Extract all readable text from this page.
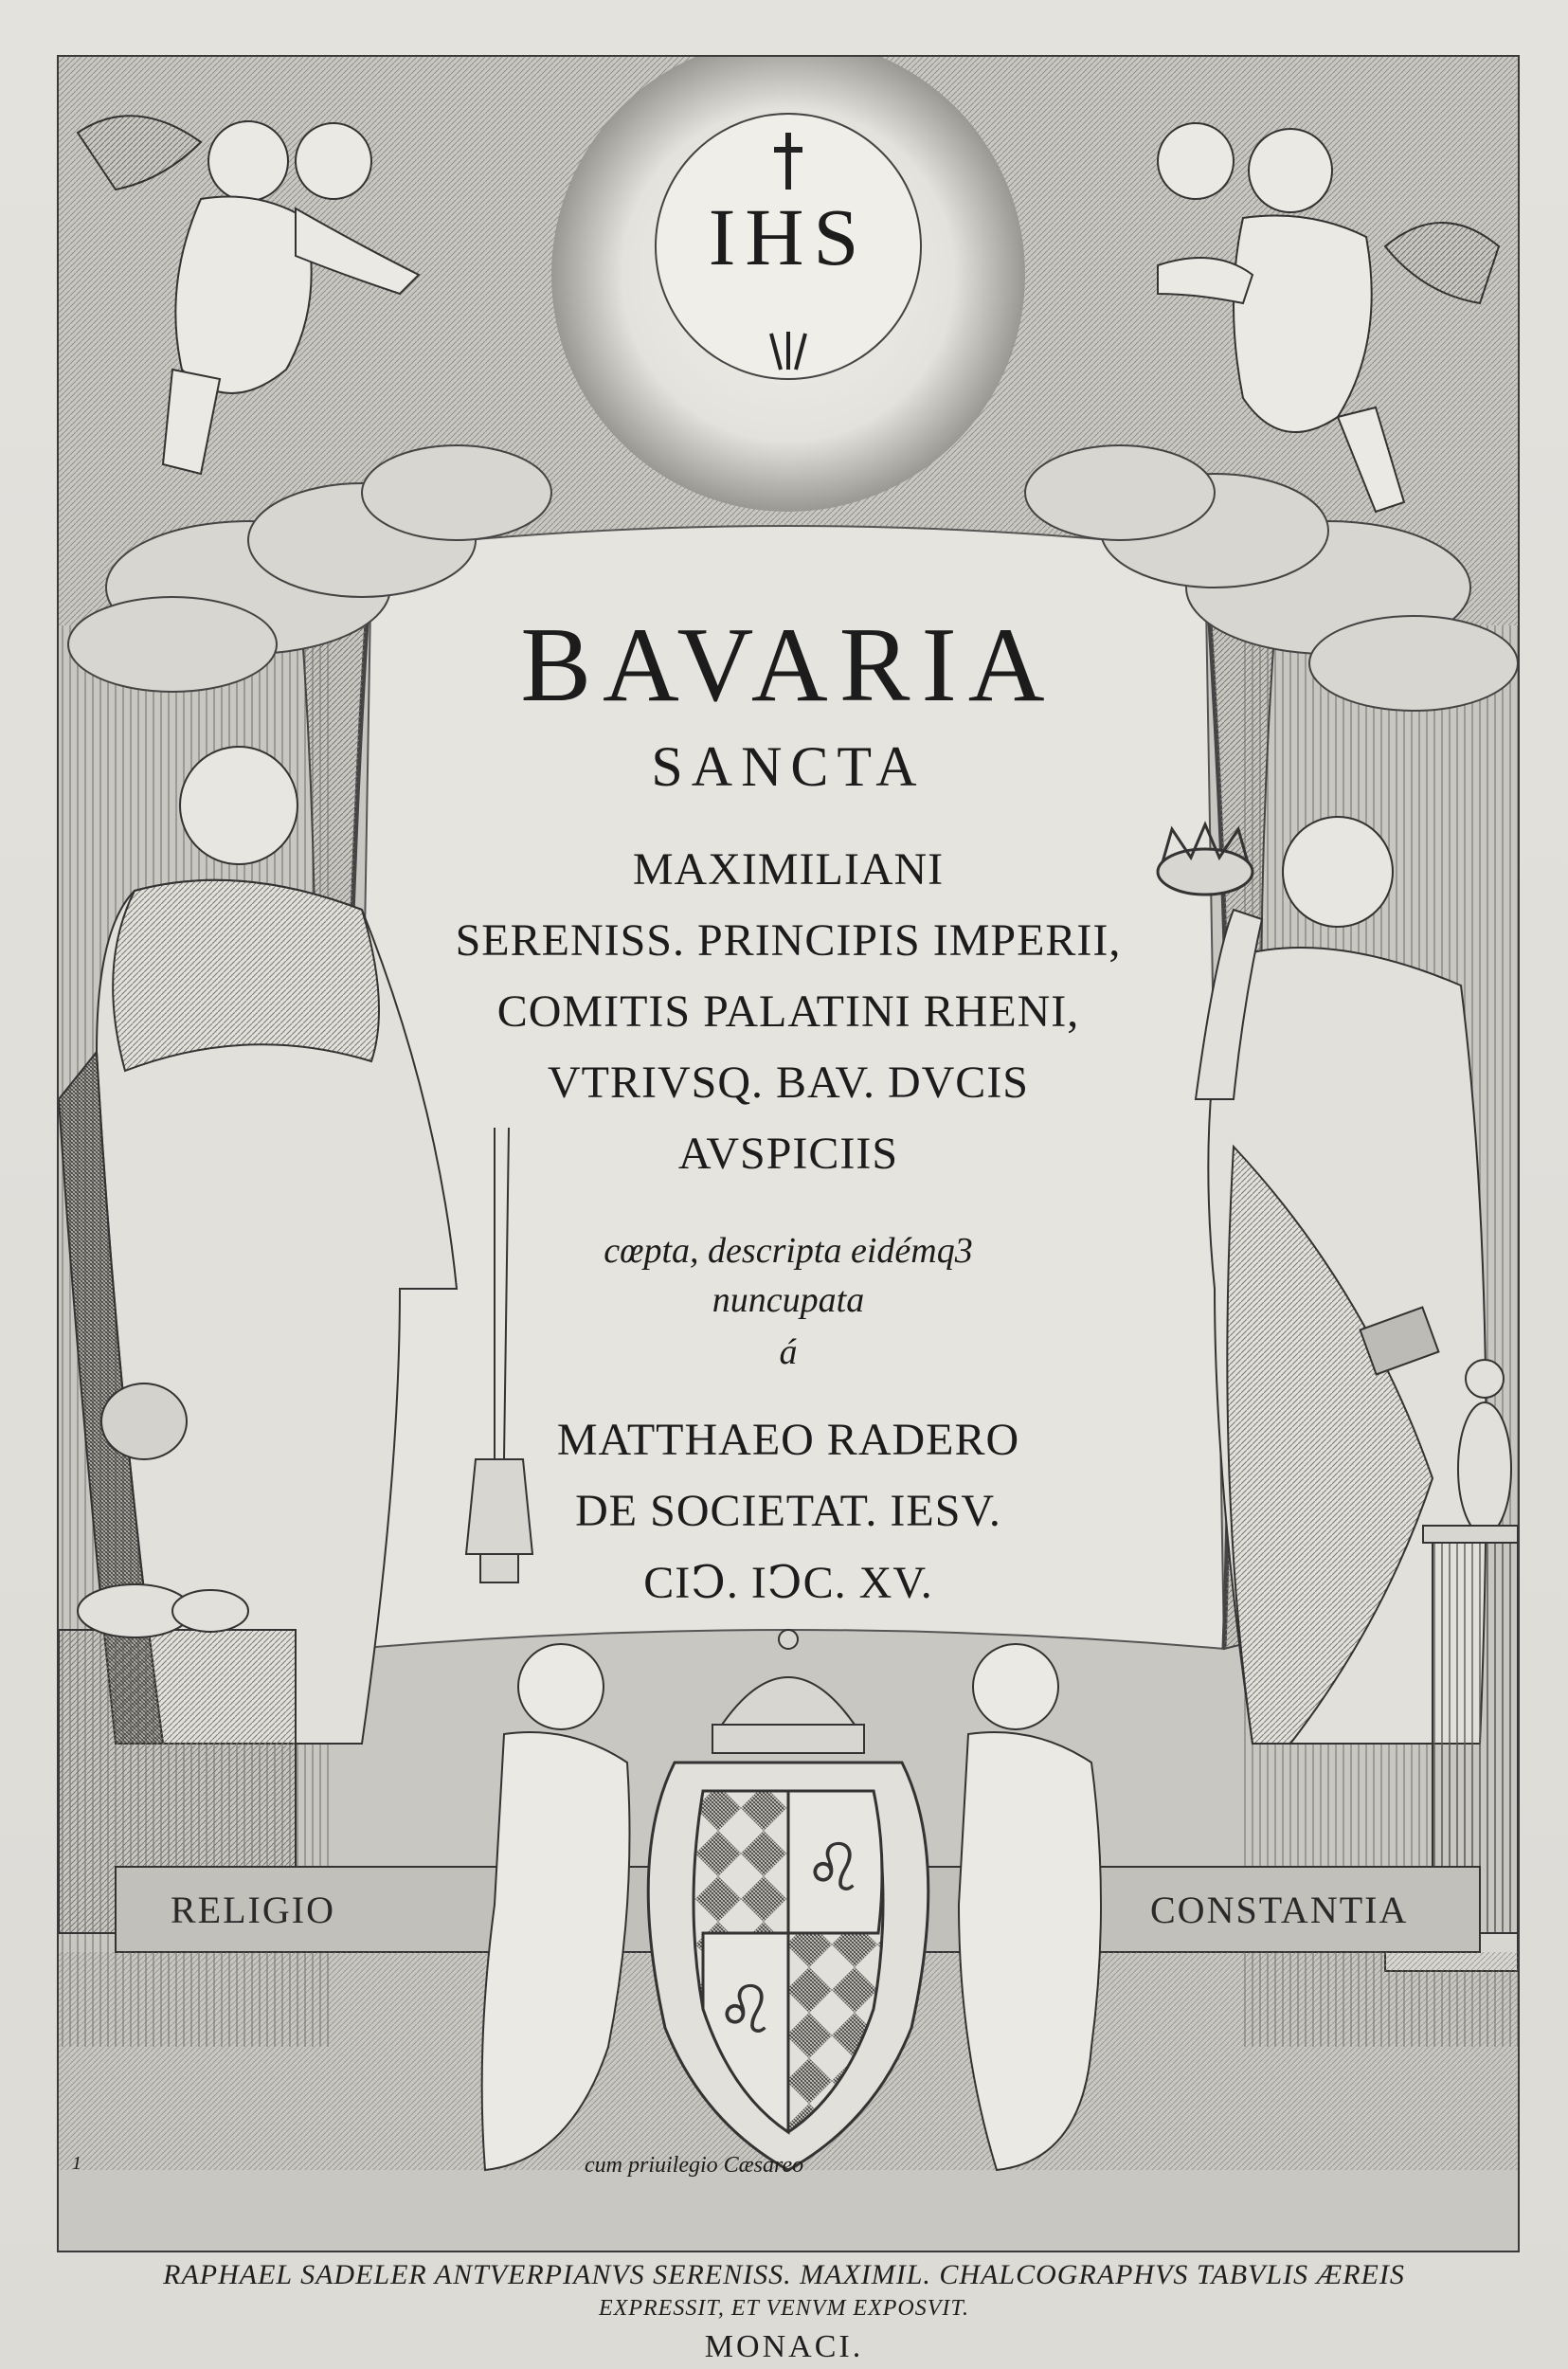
♌
♌
BAVARIA
SANCTA
MAXIMILIANI
SERENISS. PRINCIPIS IMPERII,
COMITIS PALATINI RHENI,
VTRIVSQ. BAV. DVCIS
AVSPICIIS
cœpta, descripta eidémq3
nuncupata
á
MATTHAEO RADERO
DE SOCIETAT. IESV.
CIↃ. IↃC. XV.
RELIGIO	CONSTANTIA
1	cum priuilegio Cæsareo
IHS
RAPHAEL SADELER ANTVERPIANVS SERENISS. MAXIMIL. CHALCOGRAPHVS TABVLIS ÆREIS
EXPRESSIT, ET VENVM EXPOSVIT.
MONACI.
